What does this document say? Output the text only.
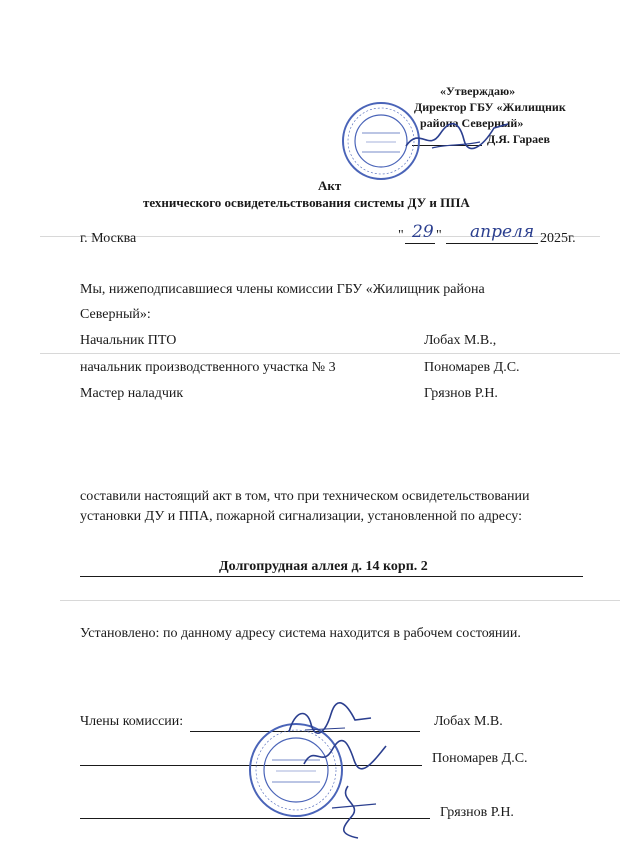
«Утверждаю»
Директор ГБУ «Жилищник
района Северный»
Д.Я. Гараев
Акт
технического освидетельствования системы ДУ и ППА
г. Москва	" 29 " апреля 2025г.
Мы, нижеподписавшиеся члены комиссии ГБУ «Жилищник района
Северный»:
Начальник ПТО	Лобах М.В.,
начальник производственного участка № 3	Пономарев Д.С.
Мастер наладчик	Грязнов Р.Н.
составили настоящий акт в том, что при техническом освидетельствовании
установки ДУ и ППА, пожарной сигнализации, установленной по адресу:
Долгопрудная аллея д. 14 корп. 2
Установлено: по данному адресу система находится в рабочем состоянии.
Члены комиссии:	Лобах М.В.
Пономарев Д.С.
Грязнов Р.Н.
